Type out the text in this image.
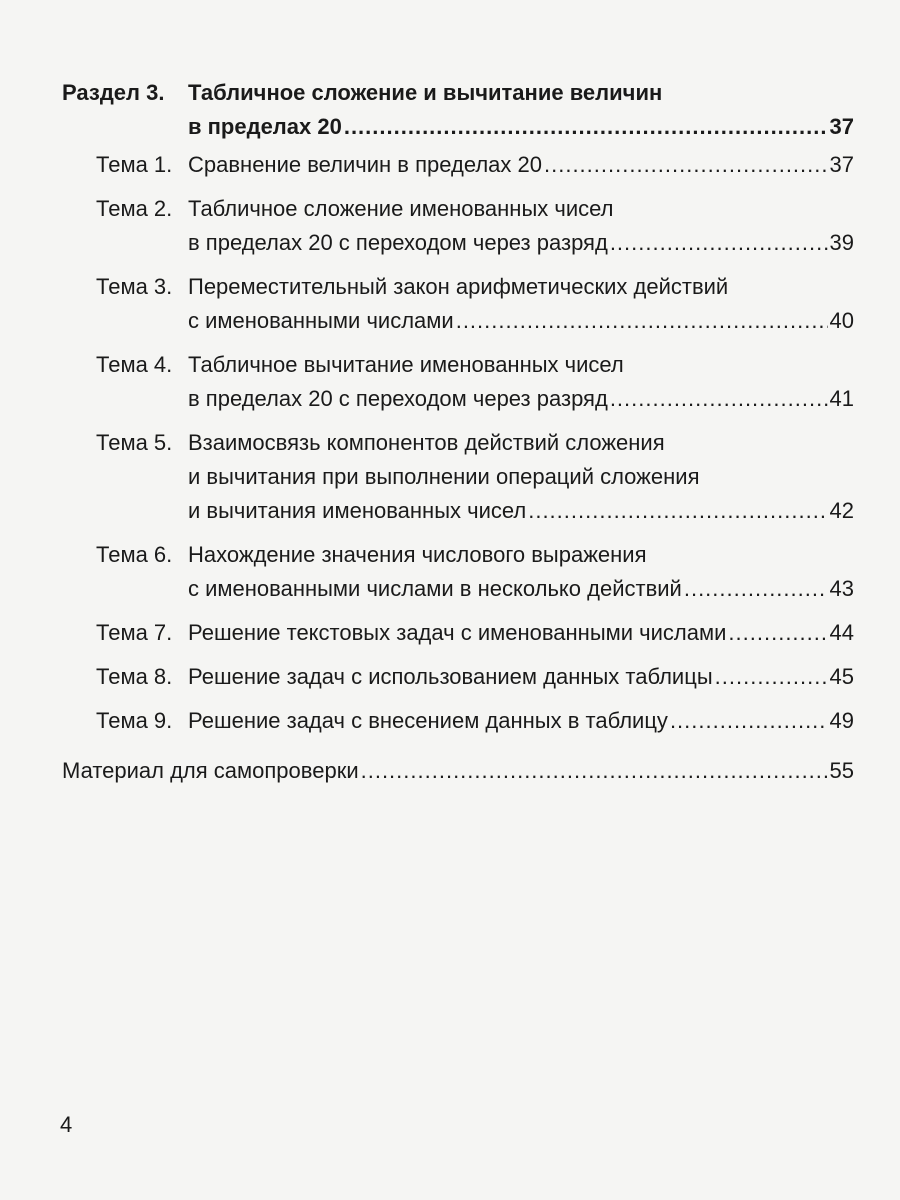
Раздел 3. Табличное сложение и вычитание величин
в пределах 20 .....	37
Тема 1. Сравнение величин в пределах 20 .....	37
Тема 2. Табличное сложение именованных чисел
в пределах 20 с переходом через разряд .....	39
Тема 3. Переместительный закон арифметических действий
с именованными числами .....	40
Тема 4. Табличное вычитание именованных чисел
в пределах 20 с переходом через разряд .....	41
Тема 5. Взаимосвязь компонентов действий сложения
и вычитания при выполнении операций сложения
и вычитания именованных чисел .....	42
Тема 6. Нахождение значения числового выражения
с именованными числами в несколько действий .....	43
Тема 7. Решение текстовых задач с именованными числами .....	44
Тема 8. Решение задач с использованием данных таблицы .....	45
Тема 9. Решение задач с внесением данных в таблицу .....	49
Материал для самопроверки .....	55
4
